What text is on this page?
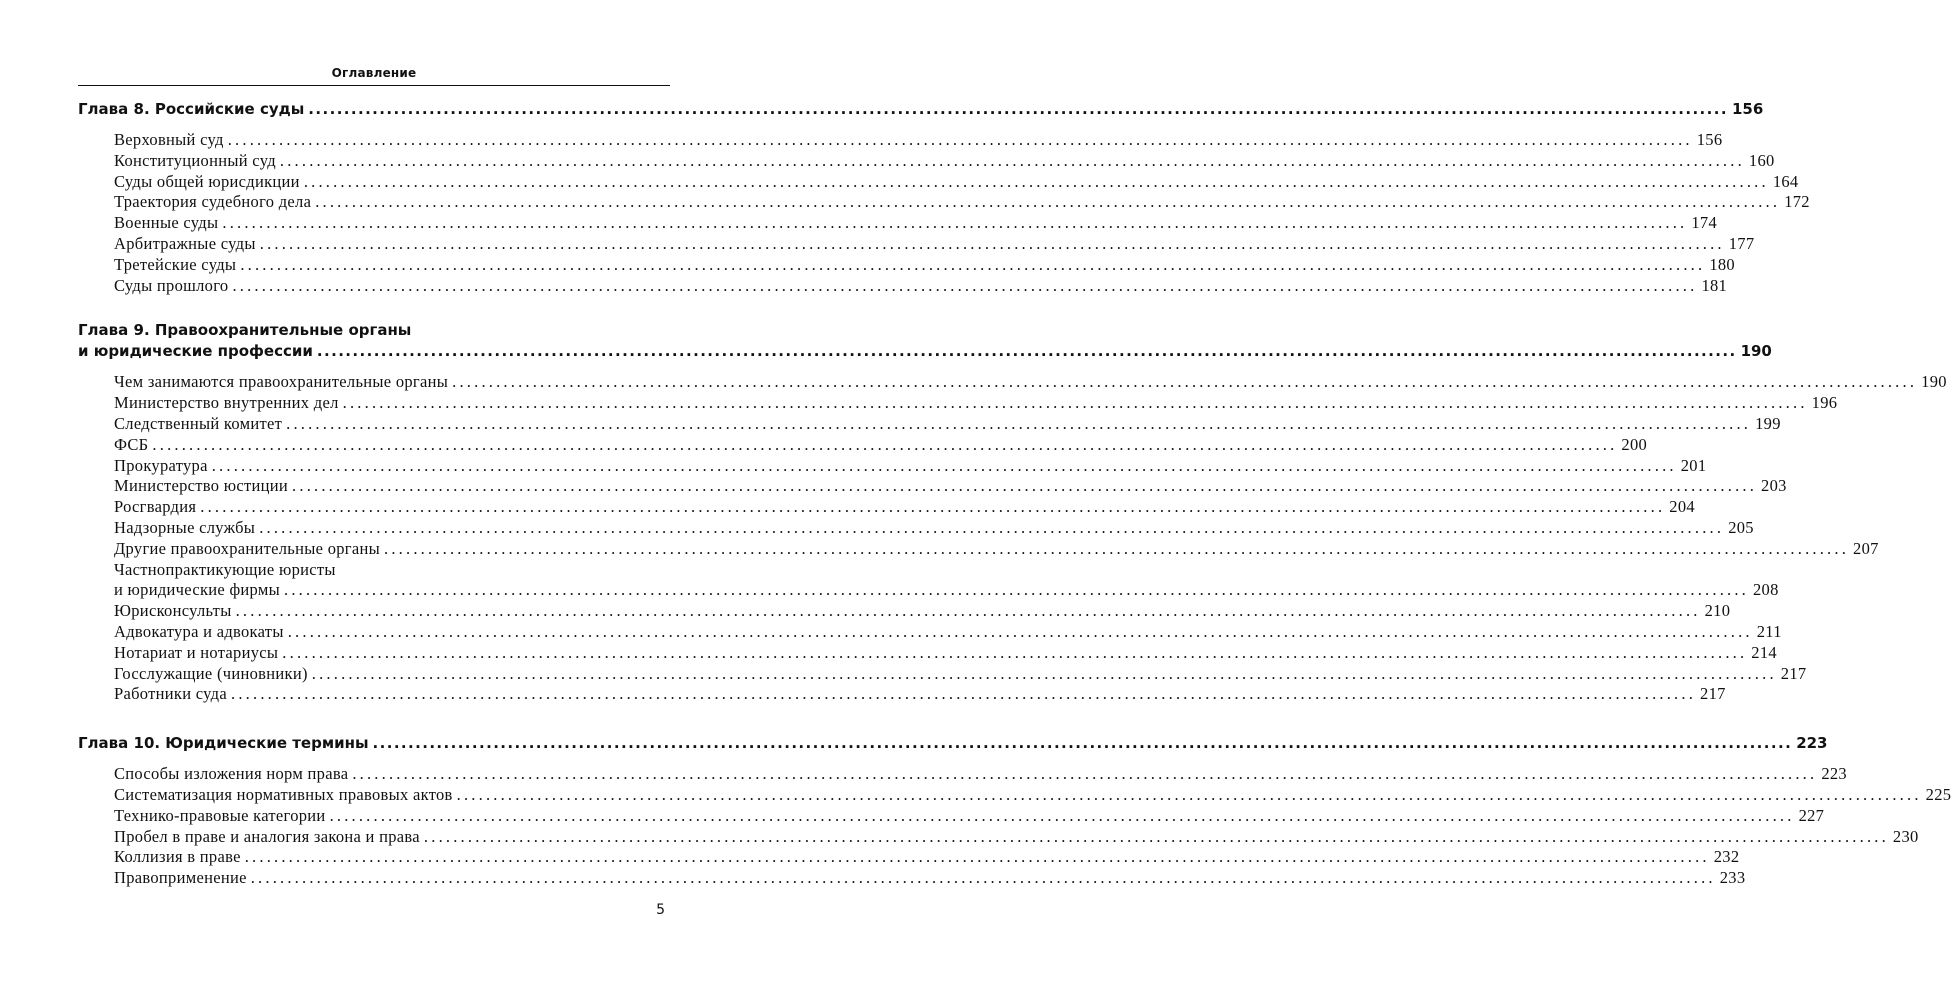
Оглавление
Глава 8. Российские суды ........................................................................................................................................................................................................ 156
Верховный суд ........................................................................................................................................................................................................ 156
Конституционный суд ........................................................................................................................................................................................................ 160
Суды общей юрисдикции ........................................................................................................................................................................................................ 164
Траектория судебного дела ........................................................................................................................................................................................................ 172
Военные суды ........................................................................................................................................................................................................ 174
Арбитражные суды ........................................................................................................................................................................................................ 177
Третейские суды ........................................................................................................................................................................................................ 180
Суды прошлого ........................................................................................................................................................................................................ 181
Глава 9. Правоохранительные органы
и юридические профессии ........................................................................................................................................................................................................ 190
Чем занимаются правоохранительные органы ........................................................................................................................................................................................................ 190
Министерство внутренних дел ........................................................................................................................................................................................................ 196
Следственный комитет ........................................................................................................................................................................................................ 199
ФСБ ........................................................................................................................................................................................................ 200
Прокуратура ........................................................................................................................................................................................................ 201
Министерство юстиции ........................................................................................................................................................................................................ 203
Росгвардия ........................................................................................................................................................................................................ 204
Надзорные службы ........................................................................................................................................................................................................ 205
Другие правоохранительные органы ........................................................................................................................................................................................................ 207
Частнопрактикующие юристы
и юридические фирмы ........................................................................................................................................................................................................ 208
Юрисконсульты ........................................................................................................................................................................................................ 210
Адвокатура и адвокаты ........................................................................................................................................................................................................ 211
Нотариат и нотариусы ........................................................................................................................................................................................................ 214
Госслужащие (чиновники) ........................................................................................................................................................................................................ 217
Работники суда ........................................................................................................................................................................................................ 217
Глава 10. Юридические термины ........................................................................................................................................................................................................ 223
Способы изложения норм права ........................................................................................................................................................................................................ 223
Систематизация нормативных правовых актов ........................................................................................................................................................................................................ 225
Технико-правовые категории ........................................................................................................................................................................................................ 227
Пробел в праве и аналогия закона и права ........................................................................................................................................................................................................ 230
Коллизия в праве ........................................................................................................................................................................................................ 232
Правоприменение ........................................................................................................................................................................................................ 233
5
